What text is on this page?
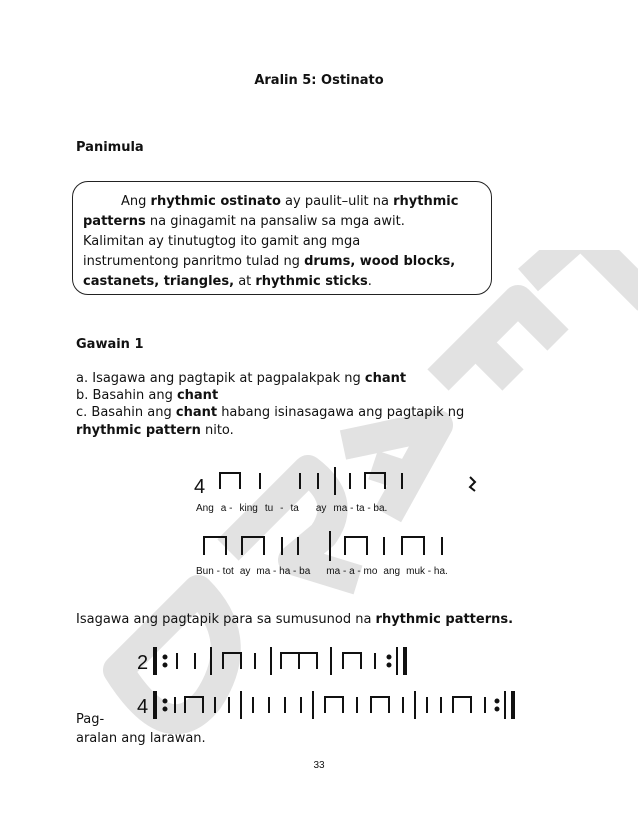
Aralin 5: Ostinato
Panimula
Ang rhythmic ostinato ay paulit–ulit na rhythmic
patterns na ginagamit na pansaliw sa mga awit.
Kalimitan ay tinutugtog ito gamit ang mga
instrumentong panritmo tulad ng drums, wood blocks,
castanets, triangles, at rhythmic sticks.
Gawain 1
a. Isagawa ang pagtapik at pagpalakpak ng chant
b. Basahin ang chant
c. Basahin ang chant habang isinasagawa ang pagtapik ng
rhythmic pattern nito.
4
Ang a - king tu - ta ay ma - ta - ba.
Bun - tot ay ma - ha - ba ma - a - mo ang muk - ha.
Isagawa ang pagtapik para sa sumusunod na rhythmic patterns.
2
4
Pag-
aralan ang larawan.
33
